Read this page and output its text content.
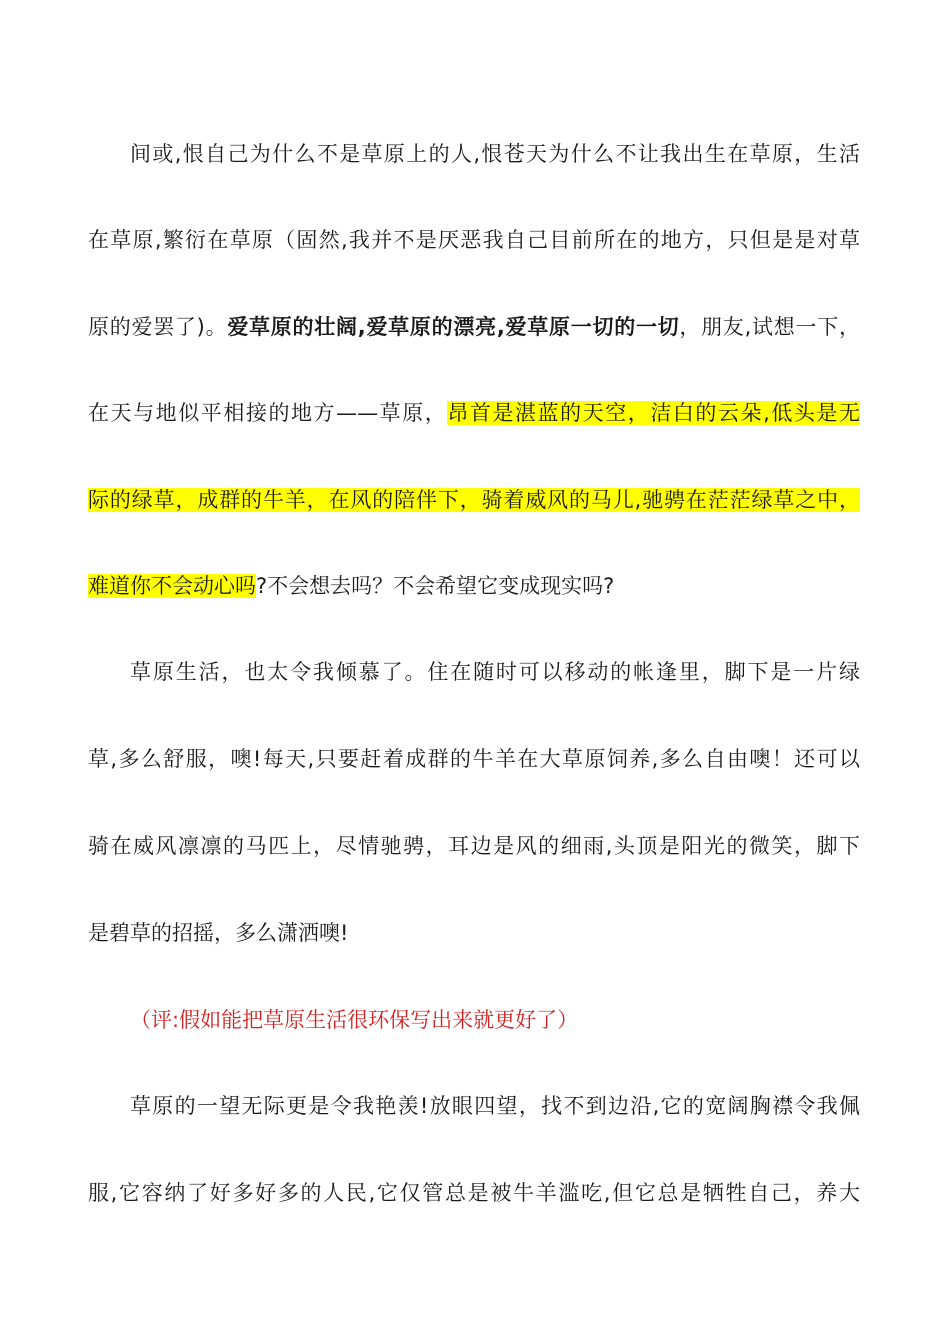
间或,恨自己为什么不是草原上的人,恨苍天为什么不让我出生在草原，生活
在草原,繁衍在草原（固然,我并不是厌恶我自己目前所在的地方，只但是是对草
原的爱罢了)。爱草原的壮阔,爱草原的漂亮,爱草原一切的一切，朋友,试想一下，
在天与地似平相接的地方——草原，昂首是湛蓝的天空，洁白的云朵,低头是无
际的绿草，成群的牛羊，在风的陪伴下，骑着威风的马儿,驰骋在茫茫绿草之中，
难道你不会动心吗?不会想去吗？不会希望它变成现实吗?
草原生活，也太令我倾慕了。住在随时可以移动的帐逢里，脚下是一片绿
草,多么舒服，噢!每天,只要赶着成群的牛羊在大草原饲养,多么自由噢！还可以
骑在威风凛凛的马匹上，尽情驰骋，耳边是风的细雨,头顶是阳光的微笑，脚下
是碧草的招摇，多么潇洒噢!
（评:假如能把草原生活很环保写出来就更好了）
草原的一望无际更是令我艳羡!放眼四望，找不到边沿,它的宽阔胸襟令我佩
服,它容纳了好多好多的人民,它仅管总是被牛羊滥吃,但它总是牺牲自己，养大
